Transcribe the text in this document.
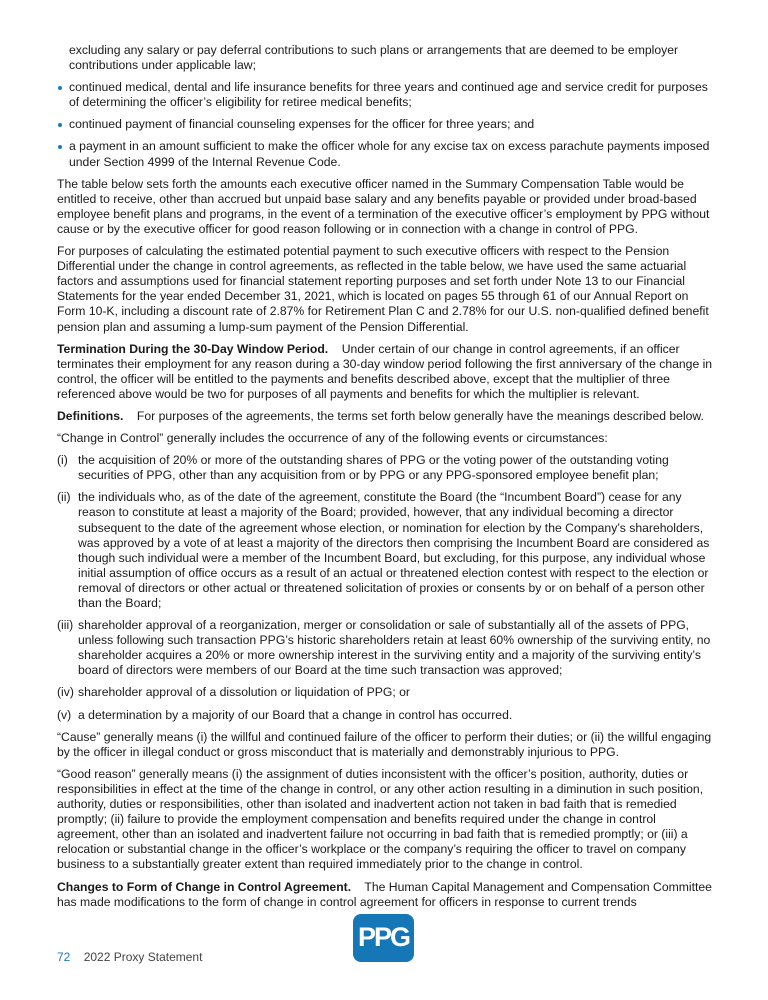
excluding any salary or pay deferral contributions to such plans or arrangements that are deemed to be employer contributions under applicable law;

continued medical, dental and life insurance benefits for three years and continued age and service credit for purposes of determining the officer’s eligibility for retiree medical benefits;
continued payment of financial counseling expenses for the officer for three years; and
a payment in an amount sufficient to make the officer whole for any excise tax on excess parachute payments imposed under Section 4999 of the Internal Revenue Code.

The table below sets forth the amounts each executive officer named in the Summary Compensation Table would be entitled to receive, other than accrued but unpaid base salary and any benefits payable or provided under broad-based employee benefit plans and programs, in the event of a termination of the executive officer’s employment by PPG without cause or by the executive officer for good reason following or in connection with a change in control of PPG.

For purposes of calculating the estimated potential payment to such executive officers with respect to the Pension Differential under the change in control agreements, as reflected in the table below, we have used the same actuarial factors and assumptions used for financial statement reporting purposes and set forth under Note 13 to our Financial Statements for the year ended December 31, 2021, which is located on pages 55 through 61 of our Annual Report on Form 10-K, including a discount rate of 2.87% for Retirement Plan C and 2.78% for our U.S. non-qualified defined benefit pension plan and assuming a lump-sum payment of the Pension Differential.

Termination During the 30-Day Window Period. Under certain of our change in control agreements, if an officer terminates their employment for any reason during a 30-day window period following the first anniversary of the change in control, the officer will be entitled to the payments and benefits described above, except that the multiplier of three referenced above would be two for purposes of all payments and benefits for which the multiplier is relevant.

Definitions. For purposes of the agreements, the terms set forth below generally have the meanings described below.

“Change in Control” generally includes the occurrence of any of the following events or circumstances:

(i) the acquisition of 20% or more of the outstanding shares of PPG or the voting power of the outstanding voting securities of PPG, other than any acquisition from or by PPG or any PPG-sponsored employee benefit plan;
(ii) the individuals who, as of the date of the agreement, constitute the Board (the “Incumbent Board”) cease for any reason to constitute at least a majority of the Board; provided, however, that any individual becoming a director subsequent to the date of the agreement whose election, or nomination for election by the Company’s shareholders, was approved by a vote of at least a majority of the directors then comprising the Incumbent Board are considered as though such individual were a member of the Incumbent Board, but excluding, for this purpose, any individual whose initial assumption of office occurs as a result of an actual or threatened election contest with respect to the election or removal of directors or other actual or threatened solicitation of proxies or consents by or on behalf of a person other than the Board;
(iii) shareholder approval of a reorganization, merger or consolidation or sale of substantially all of the assets of PPG, unless following such transaction PPG’s historic shareholders retain at least 60% ownership of the surviving entity, no shareholder acquires a 20% or more ownership interest in the surviving entity and a majority of the surviving entity’s board of directors were members of our Board at the time such transaction was approved;
(iv) shareholder approval of a dissolution or liquidation of PPG; or
(v) a determination by a majority of our Board that a change in control has occurred.

“Cause” generally means (i) the willful and continued failure of the officer to perform their duties; or (ii) the willful engaging by the officer in illegal conduct or gross misconduct that is materially and demonstrably injurious to PPG.

“Good reason” generally means (i) the assignment of duties inconsistent with the officer’s position, authority, duties or responsibilities in effect at the time of the change in control, or any other action resulting in a diminution in such position, authority, duties or responsibilities, other than isolated and inadvertent action not taken in bad faith that is remedied promptly; (ii) failure to provide the employment compensation and benefits required under the change in control agreement, other than an isolated and inadvertent failure not occurring in bad faith that is remedied promptly; or (iii) a relocation or substantial change in the officer’s workplace or the company’s requiring the officer to travel on company business to a substantially greater extent than required immediately prior to the change in control.

Changes to Form of Change in Control Agreement. The Human Capital Management and Compensation Committee has made modifications to the form of change in control agreement for officers in response to current trends

PPG
72 2022 Proxy Statement
